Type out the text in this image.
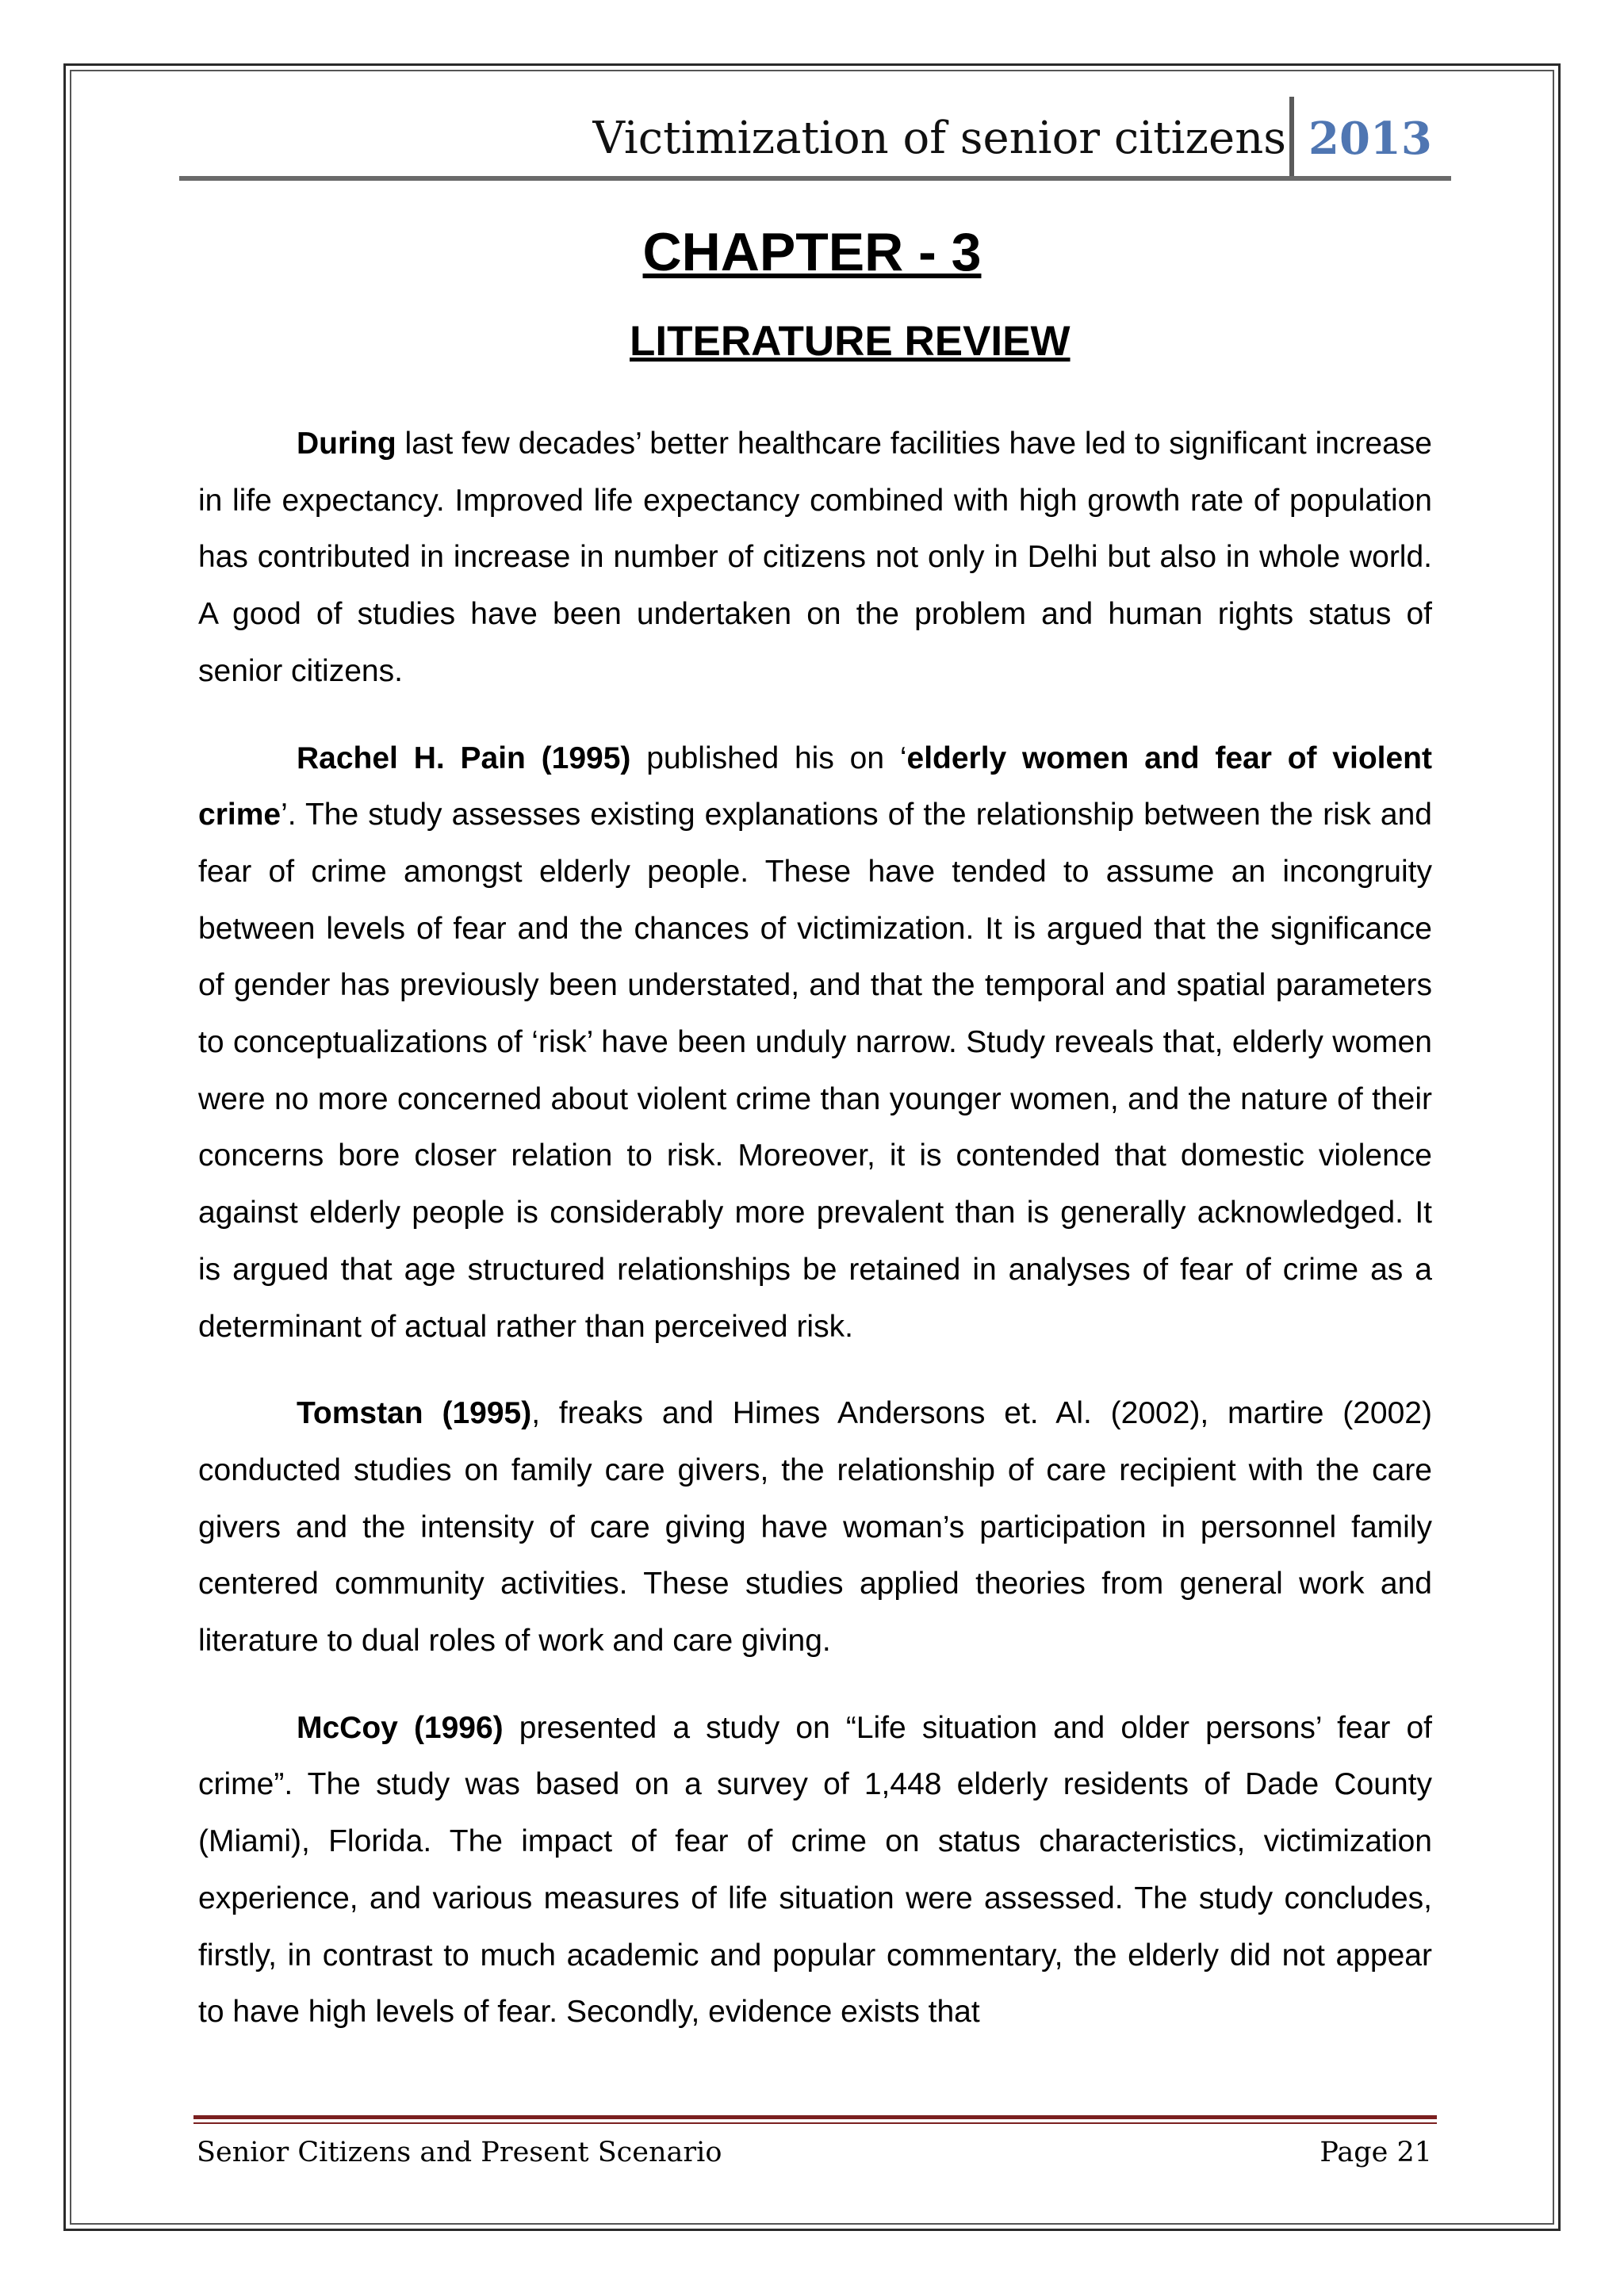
Victimization of senior citizens 2013
CHAPTER - 3
LITERATURE REVIEW

During last few decades’ better healthcare facilities have led to significant increase in life expectancy. Improved life expectancy combined with high growth rate of population has contributed in increase in number of citizens not only in Delhi but also in whole world. A good of studies have been undertaken on the problem and human rights status of senior citizens.

Rachel H. Pain (1995) published his on ‘elderly women and fear of violent crime’. The study assesses existing explanations of the relationship between the risk and fear of crime amongst elderly people. These have tended to assume an incongruity between levels of fear and the chances of victimization. It is argued that the significance of gender has previously been understated, and that the temporal and spatial parameters to conceptualizations of ‘risk’ have been unduly narrow. Study reveals that, elderly women were no more concerned about violent crime than younger women, and the nature of their concerns bore closer relation to risk. Moreover, it is contended that domestic violence against elderly people is considerably more prevalent than is generally acknowledged. It is argued that age structured relationships be retained in analyses of fear of crime as a determinant of actual rather than perceived risk.

Tomstan (1995), freaks and Himes Andersons et. Al. (2002), martire (2002) conducted studies on family care givers, the relationship of care recipient with the care givers and the intensity of care giving have woman’s participation in personnel family centered community activities. These studies applied theories from general work and literature to dual roles of work and care giving.

McCoy (1996) presented a study on “Life situation and older persons’ fear of crime”. The study was based on a survey of 1,448 elderly residents of Dade County (Miami), Florida. The impact of fear of crime on status characteristics, victimization experience, and various measures of life situation were assessed. The study concludes, firstly, in contrast to much academic and popular commentary, the elderly did not appear to have high levels of fear. Secondly, evidence exists that

Senior Citizens and Present Scenario	Page 21
